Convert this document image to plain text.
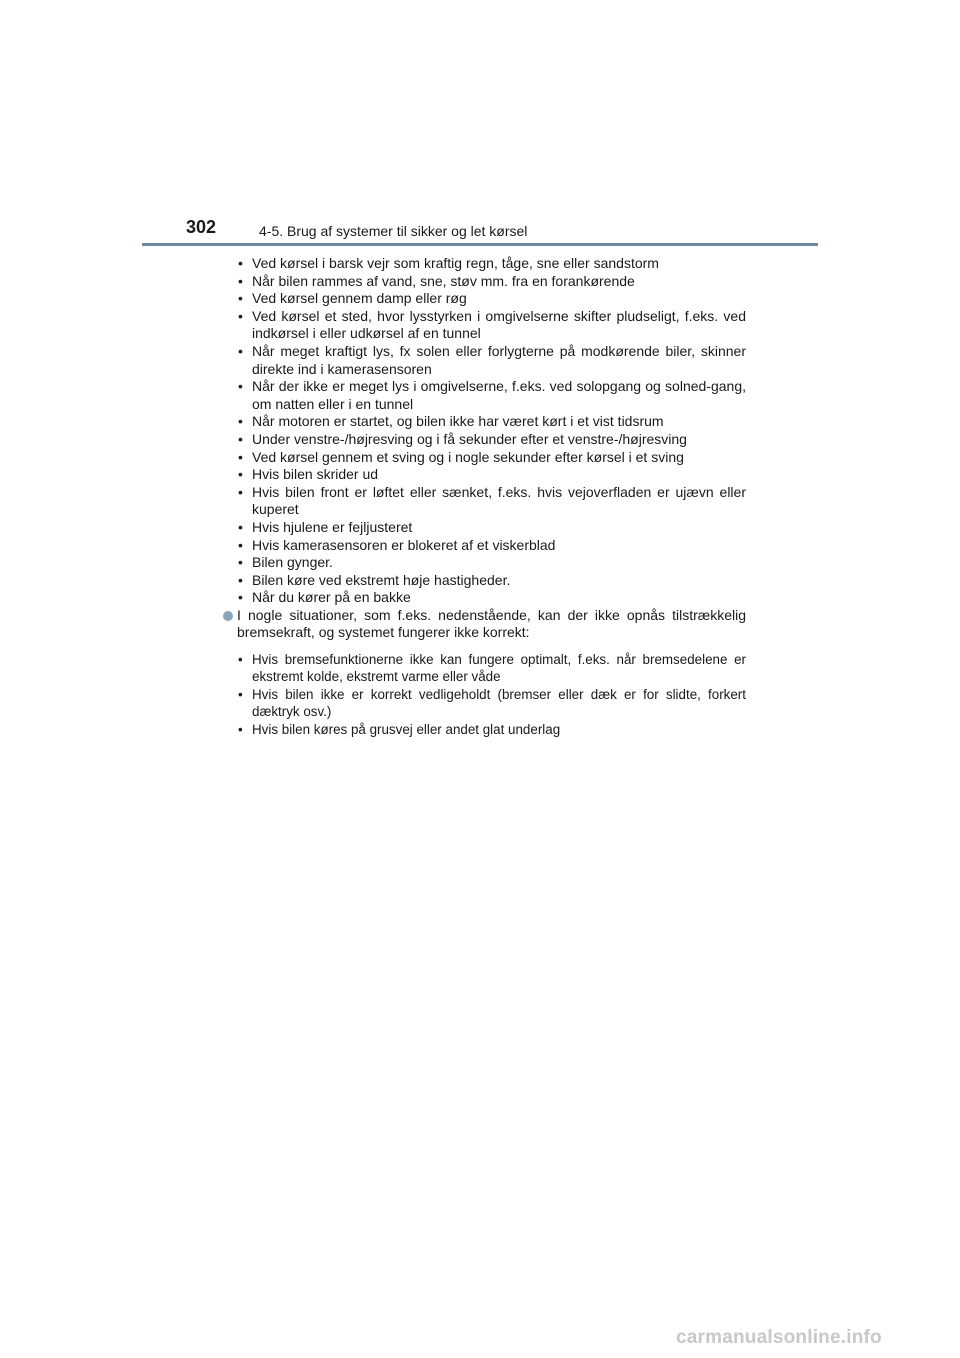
302	4-5. Brug af systemer til sikker og let kørsel
• Ved kørsel i barsk vejr som kraftig regn, tåge, sne eller sandstorm
• Når bilen rammes af vand, sne, støv mm. fra en forankørende
• Ved kørsel gennem damp eller røg
• Ved kørsel et sted, hvor lysstyrken i omgivelserne skifter pludseligt, f.eks. ved indkørsel i eller udkørsel af en tunnel
• Når meget kraftigt lys, fx solen eller forlygterne på modkørende biler, skinner direkte ind i kamerasensoren
• Når der ikke er meget lys i omgivelserne, f.eks. ved solopgang og solned-gang, om natten eller i en tunnel
• Når motoren er startet, og bilen ikke har været kørt i et vist tidsrum
• Under venstre-/højresving og i få sekunder efter et venstre-/højresving
• Ved kørsel gennem et sving og i nogle sekunder efter kørsel i et sving
• Hvis bilen skrider ud
• Hvis bilen front er løftet eller sænket, f.eks. hvis vejoverfladen er ujævn eller kuperet
• Hvis hjulene er fejljusteret
• Hvis kamerasensoren er blokeret af et viskerblad
• Bilen gynger.
• Bilen køre ved ekstremt høje hastigheder.
• Når du kører på en bakke
I nogle situationer, som f.eks. nedenstående, kan der ikke opnås tilstrækkelig bremsekraft, og systemet fungerer ikke korrekt:
• Hvis bremsefunktionerne ikke kan fungere optimalt, f.eks. når bremsedelene er ekstremt kolde, ekstremt varme eller våde
• Hvis bilen ikke er korrekt vedligeholdt (bremser eller dæk er for slidte, forkert dæktryk osv.)
• Hvis bilen køres på grusvej eller andet glat underlag
carmanualsonline.info
